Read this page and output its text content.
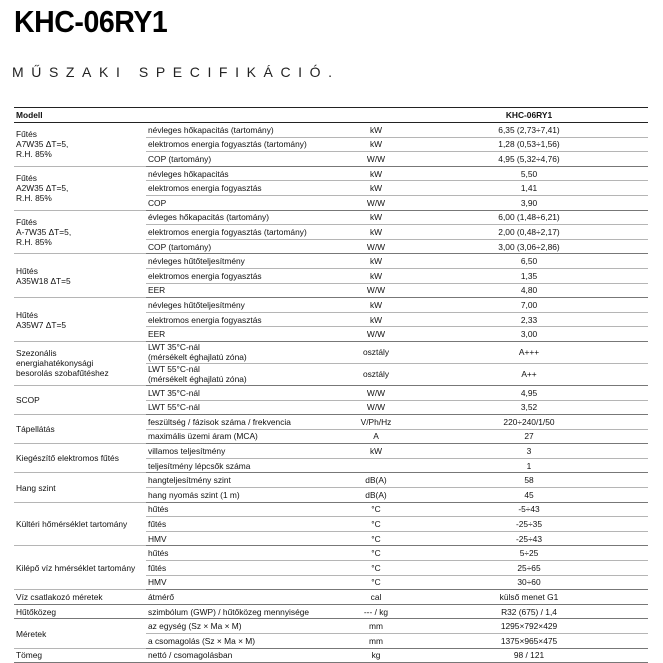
KHC-06RY1
MŰSZAKI SPECIFIKÁCIÓ.
Modell			KHC-06RY1
Fűtés
A7W35 ΔT=5,
R.H. 85%	névleges hőkapacitás (tartomány)	kW	6,35 (2,73÷7,41)
	elektromos energia fogyasztás (tartomány)	kW	1,28 (0,53÷1,56)
	COP (tartomány)	W/W	4,95 (5,32÷4,76)
Fűtés
A2W35 ΔT=5,
R.H. 85%	névleges hőkapacitás	kW	5,50
	elektromos energia fogyasztás	kW	1,41
	COP	W/W	3,90
Fűtés
A-7W35 ΔT=5,
R.H. 85%	évleges hőkapacitás (tartomány)	kW	6,00 (1,48÷6,21)
	elektromos energia fogyasztás (tartomány)	kW	2,00 (0,48÷2,17)
	COP (tartomány)	W/W	3,00 (3,06÷2,86)
Hűtés
A35W18 ΔT=5	névleges hűtőteljesítmény	kW	6,50
	elektromos energia fogyasztás	kW	1,35
	EER	W/W	4,80
Hűtés
A35W7 ΔT=5	névleges hűtőteljesítmény	kW	7,00
	elektromos energia fogyasztás	kW	2,33
	EER	W/W	3,00
Szezonális
energiahatékonysági
besorolás szobafűtéshez	LWT 35°C-nál
(mérsékelt éghajlatú zóna)	osztály	A+++
	LWT 55°C-nál
(mérsékelt éghajlatú zóna)	osztály	A++
SCOP	LWT 35°C-nál	W/W	4,95
	LWT 55°C-nál	W/W	3,52
Tápellátás	feszültség / fázisok száma / frekvencia	V/Ph/Hz	220÷240/1/50
	maximális üzemi áram (MCA)	A	27
Kiegészítő elektromos fűtés	villamos teljesítmény	kW	3
	teljesítmény lépcsők száma		1
Hang szint	hangteljesítmény szint	dB(A)	58
	hang nyomás szint (1 m)	dB(A)	45
Kültéri hőmérséklet tartomány	hűtés	°C	-5÷43
	fűtés	°C	-25÷35
	HMV	°C	-25÷43
Kilépő víz hmérséklet tartomány	hűtés	°C	5÷25
	fűtés	°C	25÷65
	HMV	°C	30÷60
Víz csatlakozó méretek	átmérő	cal	külső menet G1
Hűtőközeg	szimbólum (GWP) / hűtőközeg mennyisége	--- / kg	R32 (675) / 1,4
Méretek	az egység (Sz × Ma × M)	mm	1295×792×429
	a csomagolás (Sz × Ma × M)	mm	1375×965×475
Tömeg	nettó / csomagolásban	kg	98 / 121
